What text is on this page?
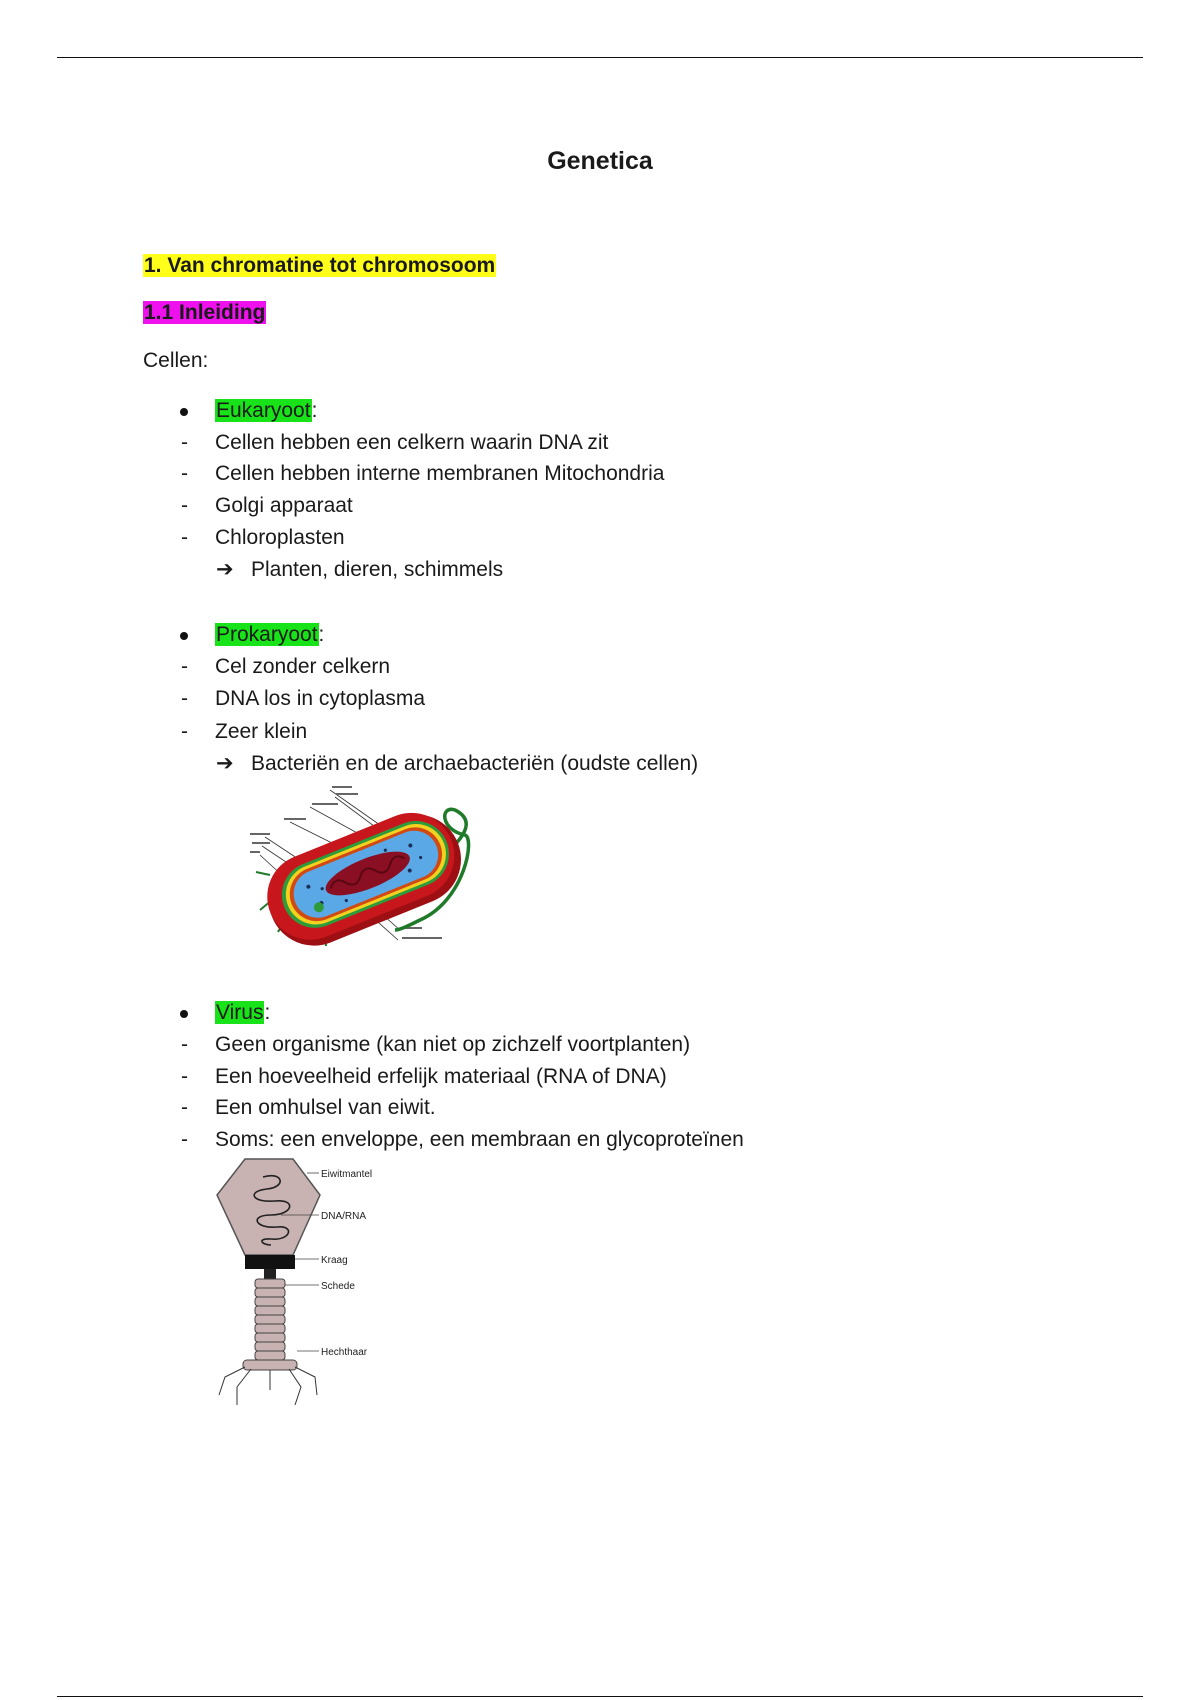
Genetica
1. Van chromatine tot chromosoom
1.1 Inleiding
Cellen:
Eukaryoot:
- Cellen hebben een celkern waarin DNA zit
- Cellen hebben interne membranen Mitochondria
- Golgi apparaat
- Chloroplasten
➔ Planten, dieren, schimmels
Prokaryoot:
- Cel zonder celkern
- DNA los in cytoplasma
- Zeer klein
➔ Bacteriën en de archaebacteriën (oudste cellen)
Virus:
- Geen organisme (kan niet op zichzelf voortplanten)
- Een hoeveelheid erfelijk materiaal (RNA of DNA)
- Een omhulsel van eiwit.
- Soms: een enveloppe, een membraan en glycoproteïnen
Eiwitmantel
DNA/RNA
Kraag
Schede
Hechthaar
